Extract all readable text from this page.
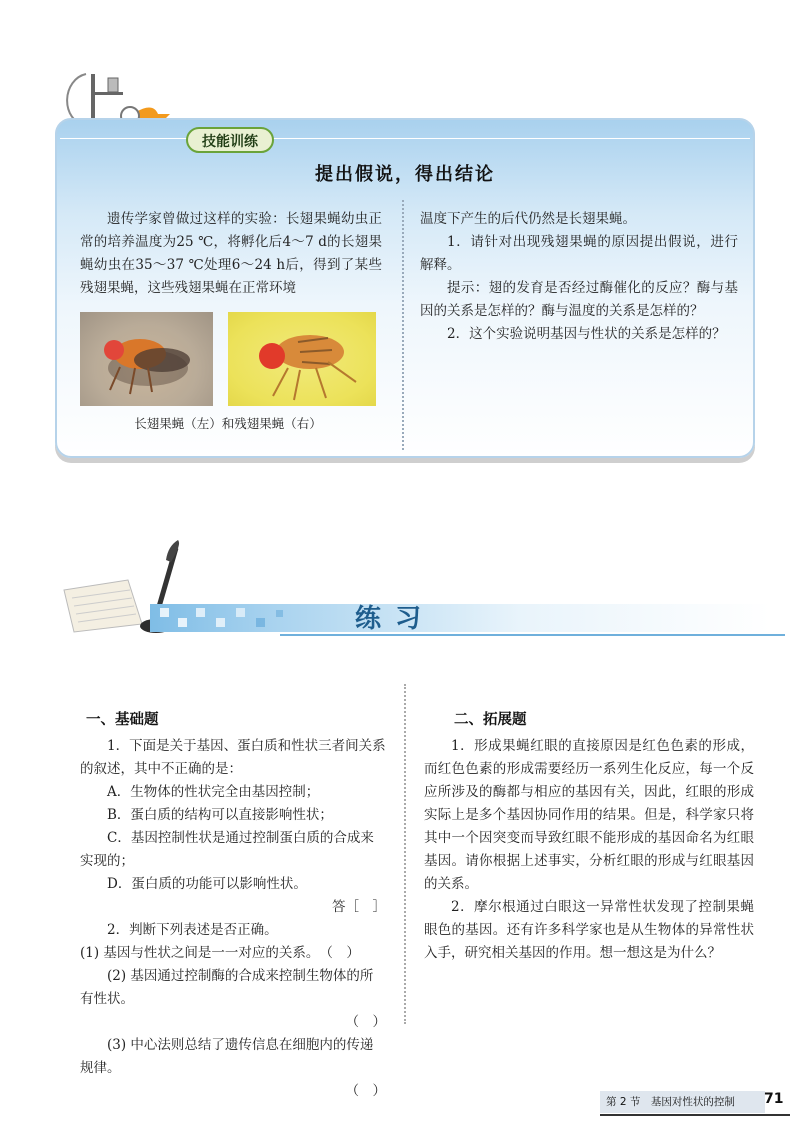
技能训练
提出假说，得出结论

遗传学家曾做过这样的实验：长翅果蝇幼虫正常的培养温度为25 ℃，将孵化后4～7 d的长翅果蝇幼虫在35～37 ℃处理6～24 h后，得到了某些残翅果蝇，这些残翅果蝇在正常环境

长翅果蝇（左）和残翅果蝇（右）

温度下产生的后代仍然是长翅果蝇。

1．请针对出现残翅果蝇的原因提出假说，进行解释。

提示：翅的发育是否经过酶催化的反应？酶与基因的关系是怎样的？酶与温度的关系是怎样的？

2．这个实验说明基因与性状的关系是怎样的？

练习
一、基础题

1．下面是关于基因、蛋白质和性状三者间关系的叙述，其中不正确的是：

A．生物体的性状完全由基因控制；

B．蛋白质的结构可以直接影响性状；

C．基因控制性状是通过控制蛋白质的合成来实现的；

D．蛋白质的功能可以影响性状。

答［　］

2．判断下列表述是否正确。

(1) 基因与性状之间是一一对应的关系。

（　）

(2) 基因通过控制酶的合成来控制生物体的所有性状。

（　）

(3) 中心法则总结了遗传信息在细胞内的传递规律。

（　）

二、拓展题

1．形成果蝇红眼的直接原因是红色色素的形成，而红色色素的形成需要经历一系列生化反应，每一个反应所涉及的酶都与相应的基因有关，因此，红眼的形成实际上是多个基因协同作用的结果。但是，科学家只将其中一个因突变而导致红眼不能形成的基因命名为红眼基因。请你根据上述事实，分析红眼的形成与红眼基因的关系。

2．摩尔根通过白眼这一异常性状发现了控制果蝇眼色的基因。还有许多科学家也是从生物体的异常性状入手，研究相关基因的作用。想一想这是为什么？

第 2 节　基因对性状的控制 71
